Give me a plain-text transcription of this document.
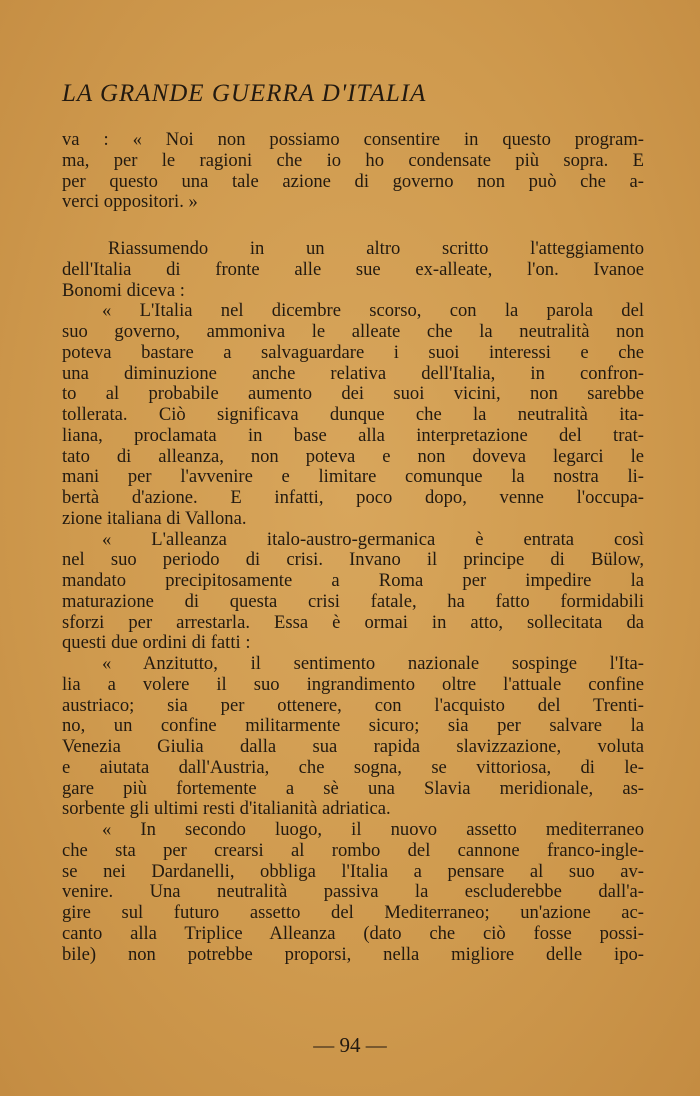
LA GRANDE GUERRA D'ITALIA
va : « Noi non possiamo consentire in questo program-
ma, per le ragioni che io ho condensate più sopra. E
per questo una tale azione di governo non può che a-
verci oppositori. »
Riassumendo in un altro scritto l'atteggiamento
dell'Italia di fronte alle sue ex-alleate, l'on. Ivanoe
Bonomi diceva :
« L'Italia nel dicembre scorso, con la parola del
suo governo, ammoniva le alleate che la neutralità non
poteva bastare a salvaguardare i suoi interessi e che
una diminuzione anche relativa dell'Italia, in confron-
to al probabile aumento dei suoi vicini, non sarebbe
tollerata. Ciò significava dunque che la neutralità ita-
liana, proclamata in base alla interpretazione del trat-
tato di alleanza, non poteva e non doveva legarci le
mani per l'avvenire e limitare comunque la nostra li-
bertà d'azione. E infatti, poco dopo, venne l'occupa-
zione italiana di Vallona.
« L'alleanza italo-austro-germanica è entrata così
nel suo periodo di crisi. Invano il principe di Bülow,
mandato precipitosamente a Roma per impedire la
maturazione di questa crisi fatale, ha fatto formidabili
sforzi per arrestarla. Essa è ormai in atto, sollecitata da
questi due ordini di fatti :
« Anzitutto, il sentimento nazionale sospinge l'Ita-
lia a volere il suo ingrandimento oltre l'attuale confine
austriaco; sia per ottenere, con l'acquisto del Trenti-
no, un confine militarmente sicuro; sia per salvare la
Venezia Giulia dalla sua rapida slavizzazione, voluta
e aiutata dall'Austria, che sogna, se vittoriosa, di le-
gare più fortemente a sè una Slavia meridionale, as-
sorbente gli ultimi resti d'italianità adriatica.
« In secondo luogo, il nuovo assetto mediterraneo
che sta per crearsi al rombo del cannone franco-ingle-
se nei Dardanelli, obbliga l'Italia a pensare al suo av-
venire. Una neutralità passiva la escluderebbe dall'a-
gire sul futuro assetto del Mediterraneo; un'azione ac-
canto alla Triplice Alleanza (dato che ciò fosse possi-
bile) non potrebbe proporsi, nella migliore delle ipo-
— 94 —
